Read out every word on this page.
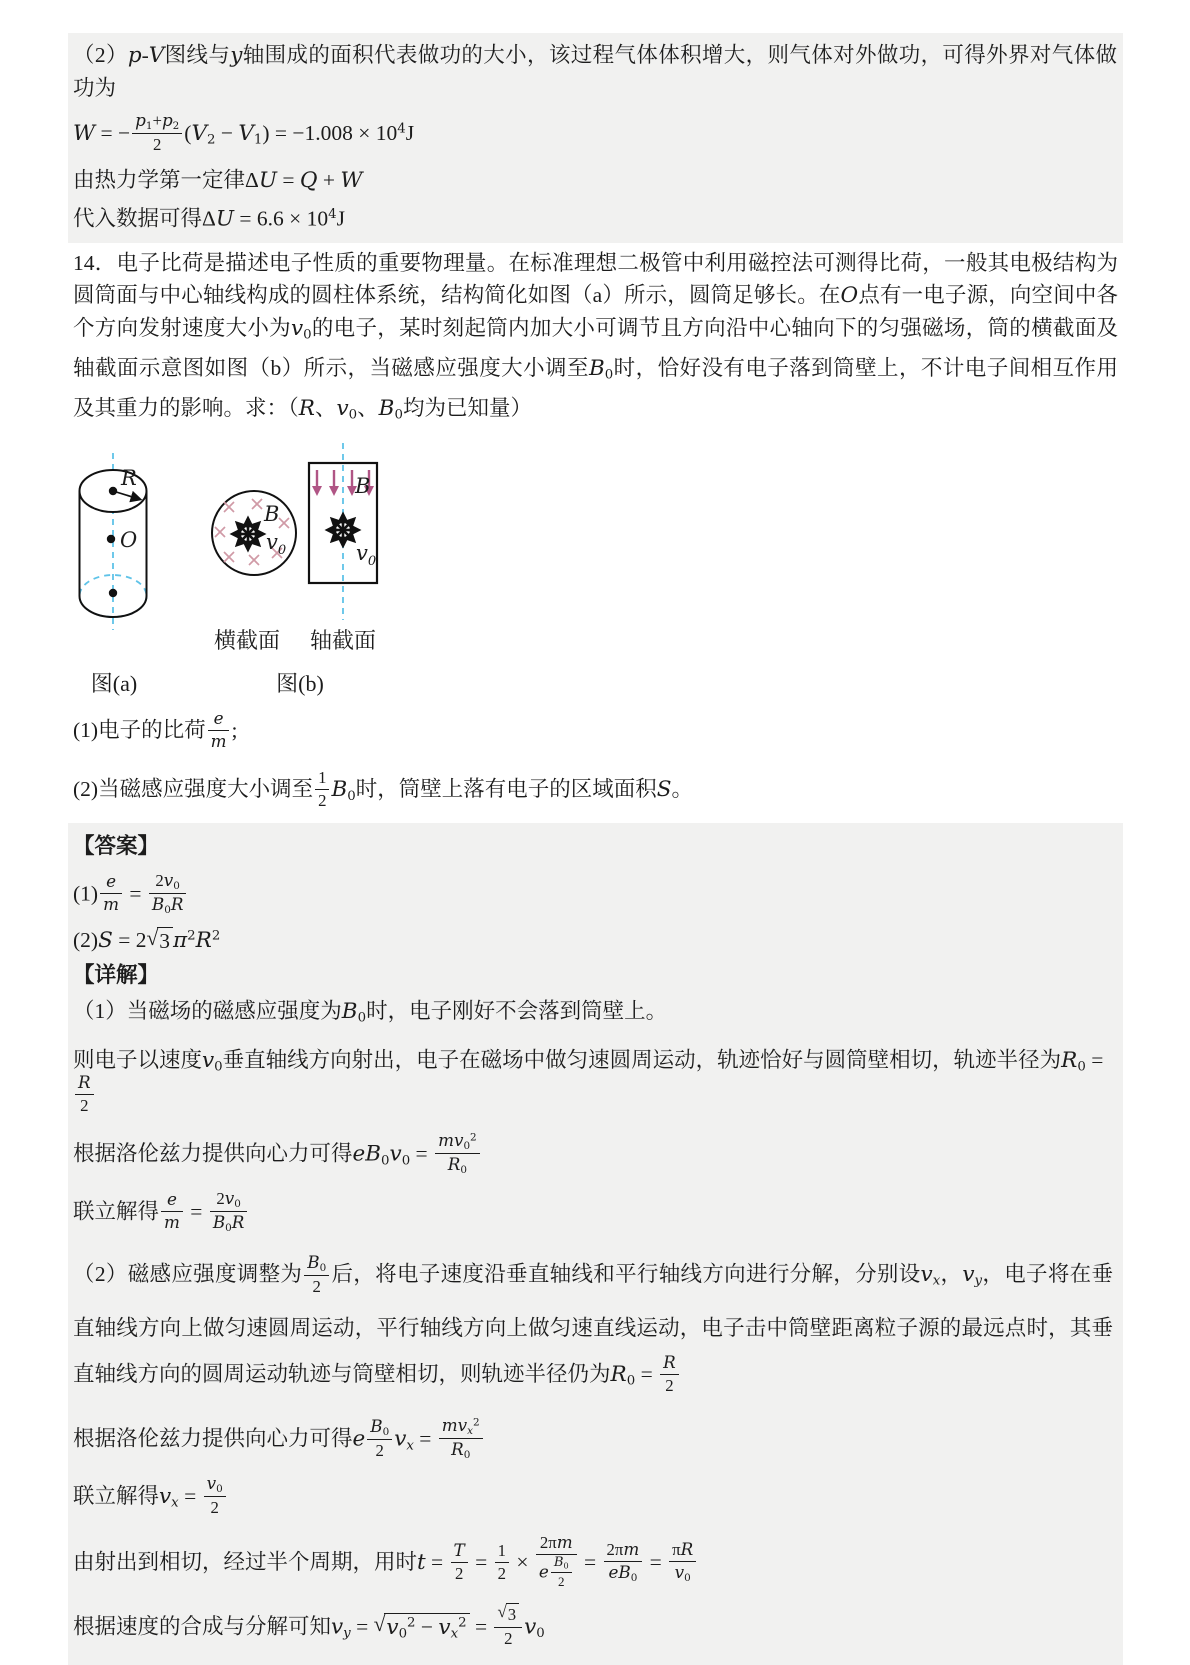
（2）p-V图线与y轴围成的面积代表做功的大小，该过程气体体积增大，则气体对外做功，可得外界对气体做功为

W = − $\frac{p1+p2}{2} (V2 - V1) = -1.008 \times 10^4J$

由热力学第一定律ΔU = Q + W

代入数据可得$\Delta U = 6.6 \times 10^4J$

14．电子比荷是描述电子性质的重要物理量。在标准理想二极管中利用磁控法可测得比荷，一般其电极结构为圆筒面与中心轴线构成的圆柱体系统，结构简化如图（a）所示，圆筒足够长。在O点有一电子源，向空间中各个方向发射速度大小为v0的电子，某时刻起筒内加大小可调节且方向沿中心轴向下的匀强磁场，筒的横截面及轴截面示意图如图（b）所示，当磁感应强度大小调至B0时，恰好没有电子落到筒壁上，不计电子间相互作用及其重力的影响。求：（R、v0、B0均为已知量）

R
O
B
$v_0$
B
$v_0$
横截面 轴截面
图(a)	图(b)

(1)电子的比荷 $\frac{e}{m}$ ;

(2)当磁感应强度大小调至 $\frac{1}{2} B0$时，筒壁上落有电子的区域面积S。

【答案】

$(1) \frac{e}{m} = \frac{2v0}{B0R}$

(2)S = 2 √ 3 $\pi^2R^2$

【详解】

（1）当磁场的磁感应强度为B0时，电子刚好不会落到筒壁上。

则电子以速度v0垂直轴线方向射出，电子在磁场中做匀速圆周运动，轨迹恰好与圆筒壁相切，轨迹半径为R0 =
$\frac{R}{2}$

根据洛伦兹力提供向心力可得$eB0v0 = \frac{mv0^2}{R0}$

联立解得 $\frac{e}{m} = \frac{2v0}{B0R}$

（2）磁感应强度调整为 $\frac{B0}{2}$ 后，将电子速度沿垂直轴线和平行轴线方向进行分解，分别设vx，vy，电子将在垂直轴线方向上做匀速圆周运动，平行轴线方向上做匀速直线运动，电子击中筒壁距离粒子源的最远点时，其垂直轴线方向的圆周运动轨迹与筒壁相切，则轨迹半径仍为$R0 = \frac{R}{2}$

根据洛伦兹力提供向心力可得e $\frac{B0}{2}$ vx =
mvx$^2$
R0

联立解得vx = $\frac{v0}{2}$

由射出到相切，经过半个周期，用时$t = \frac{T}{2} = \frac{1}{2} \times \frac{2\pi m}{e \frac{B0}{2}} = \frac{2\pi m}{eB0} = \frac{\pi R}{v0}$

根据速度的合成与分解可知vy = √ $v0^2 - vx^2 = \frac{√ 3}{2} v0$
